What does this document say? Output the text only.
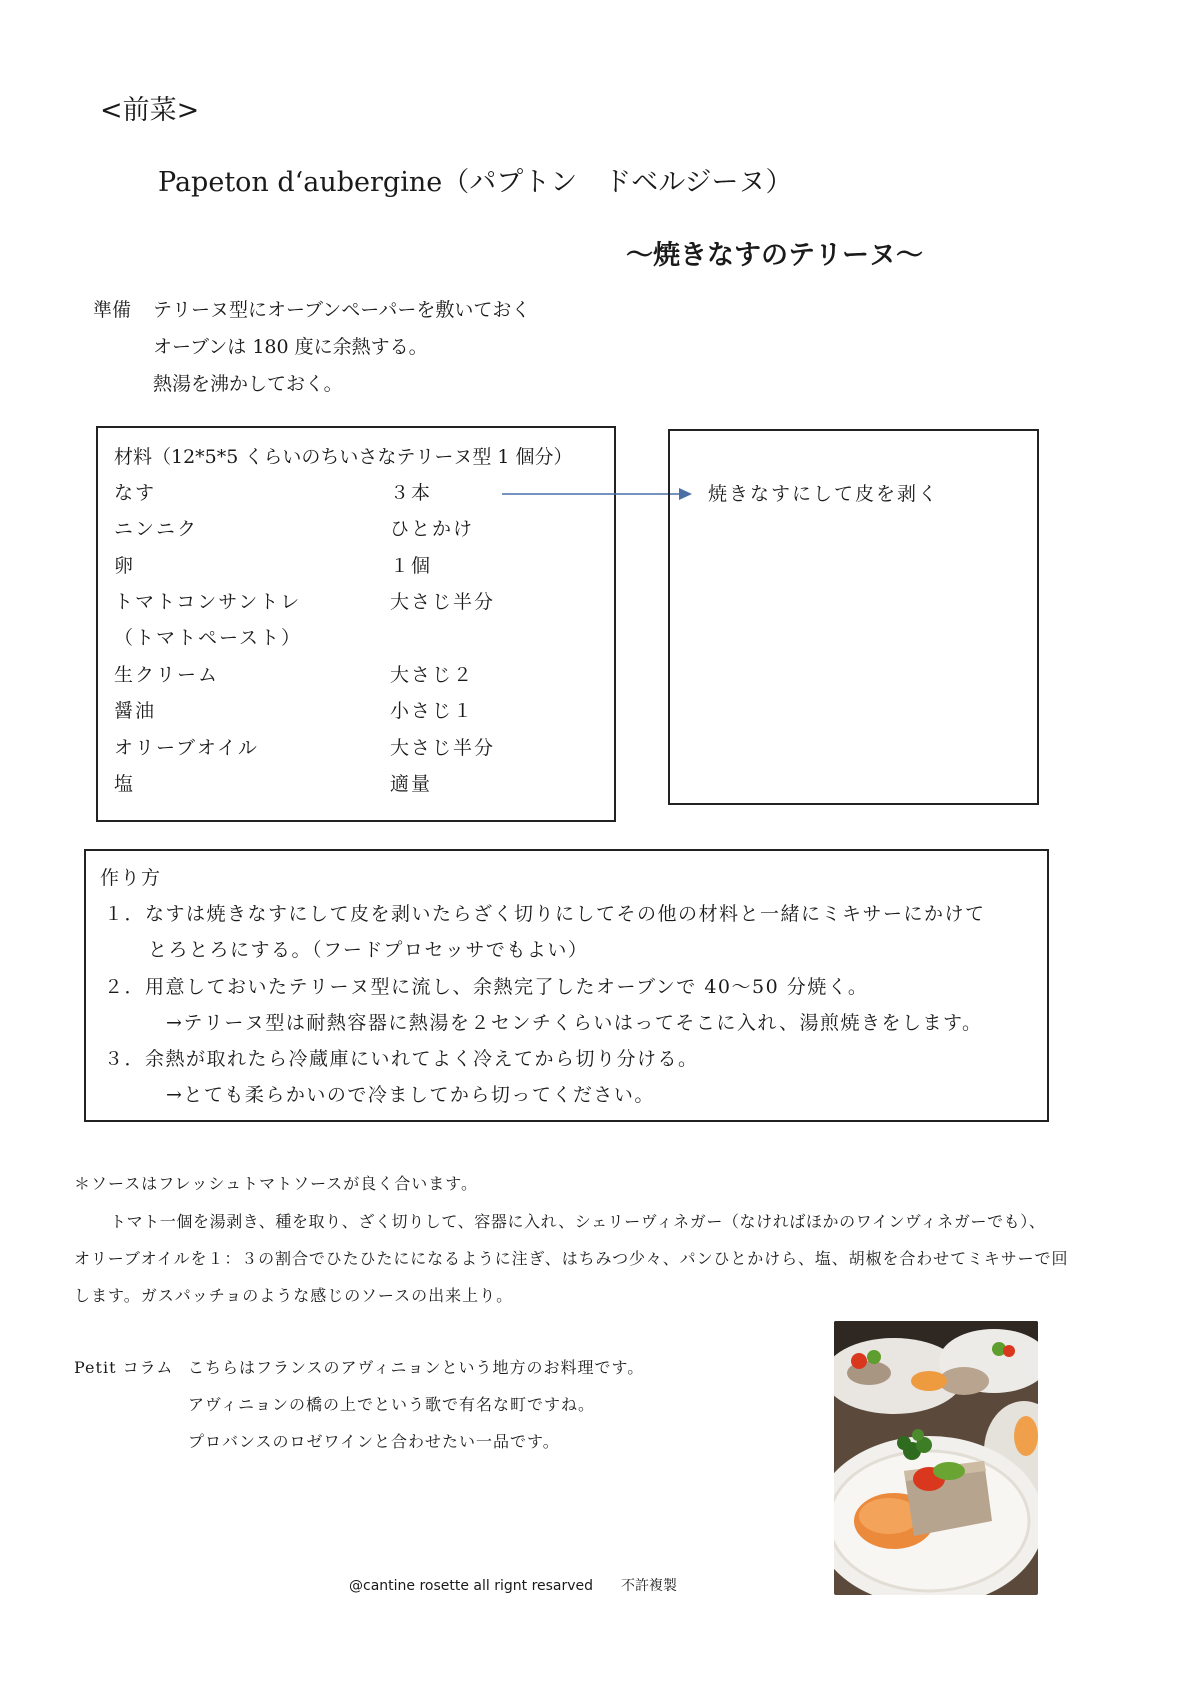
<前菜>
Papeton d‘aubergine（パプトン　ドベルジーヌ）
〜焼きなすのテリーヌ〜
準備 テリーヌ型にオーブンペーパーを敷いておく
オーブンは 180 度に余熱する。
熱湯を沸かしておく。
材料（12*5*5 くらいのちいさなテリーヌ型 1 個分）
なす	３本
ニンニク	ひとかけ
卵	１個
トマトコンサントレ	大さじ半分
（トマトペースト）
生クリーム	大さじ２
醤油	小さじ１
オリーブオイル	大さじ半分
塩	適量
焼きなすにして皮を剥く
作り方
１．なすは焼きなすにして皮を剥いたらざく切りにしてその他の材料と一緒にミキサーにかけて
とろとろにする。（フードプロセッサでもよい）
２．用意しておいたテリーヌ型に流し、余熱完了したオーブンで 40〜50 分焼く。
→テリーヌ型は耐熱容器に熱湯を２センチくらいはってそこに入れ、湯煎焼きをします。
３．余熱が取れたら冷蔵庫にいれてよく冷えてから切り分ける。
→とても柔らかいので冷ましてから切ってください。
＊ソースはフレッシュトマトソースが良く合います。
トマト一個を湯剥き、種を取り、ざく切りして、容器に入れ、シェリーヴィネガー（なければほかのワインヴィネガーでも）、
オリーブオイルを１：３の割合でひたひたにになるように注ぎ、はちみつ少々、パンひとかけら、塩、胡椒を合わせてミキサーで回
します。ガスパッチョのような感じのソースの出来上り。
Petit コラム こちらはフランスのアヴィニョンという地方のお料理です。
アヴィニョンの橋の上でという歌で有名な町ですね。
プロバンスのロゼワインと合わせたい一品です。
@cantine rosette all rignt resarved　　不許複製
